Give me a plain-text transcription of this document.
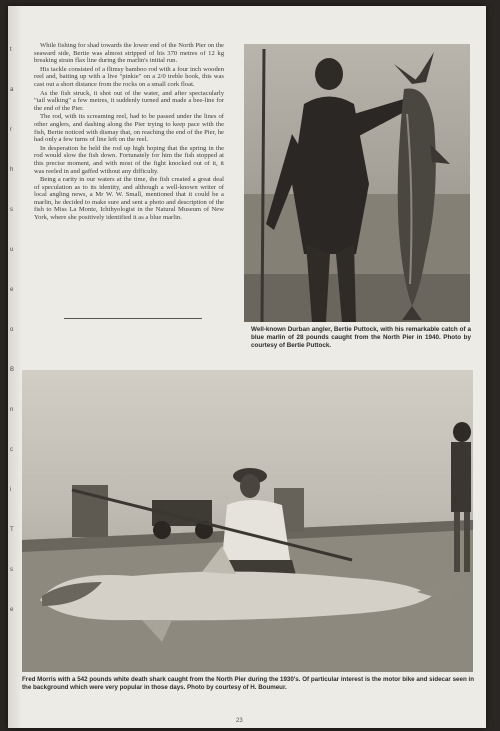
t
a
r
h
s
u
e
o
B
n
c
i
T
s
e

While fishing for shad towards the lower end of the North Pier on the seaward side, Bertie was almost stripped of his 370 metres of 12 kg breaking strain flax line during the marlin's initial run.

His tackle consisted of a flimsy bamboo rod with a four inch wooden reel and, baiting up with a live "pinkie" on a 2/0 treble hook, this was cast out a short distance from the rocks on a small cork float.

As the fish struck, it shot out of the water, and after spectacularly "tail walking" a few metres, it suddenly turned and made a bee-line for the end of the Pier.

The rod, with its screaming reel, had to be passed under the lines of other anglers, and dashing along the Pier trying to keep pace with the fish, Bertie noticed with dismay that, on reaching the end of the Pier, he had only a few turns of line left on the reel.

In desperation he held the rod up high hoping that the spring in the rod would slow the fish down. Fortunately for him the fish stopped at this precise moment, and with most of the fight knocked out of it, it was reeled in and gaffed without any difficulty.

Being a rarity in our waters at the time, the fish created a great deal of speculation as to its identity, and although a well-known writer of local angling news, a Mr W. W. Small, mentioned that it could be a marlin, he decided to make sure and sent a photo and description of the fish to Miss La Monte, Ichthyologist in the Natural Museum of New York, where she positively identified it as a blue marlin.

Well-known Durban angler, Bertie Puttock, with his remarkable catch of a blue marlin of 28 pounds caught from the North Pier in 1940. Photo by courtesy of Bertie Puttock.
Fred Morris with a 542 pounds white death shark caught from the North Pier during the 1930's. Of particular interest is the motor bike and sidecar seen in the background which were very popular in those days. Photo by courtesy of H. Boumeur.
23
